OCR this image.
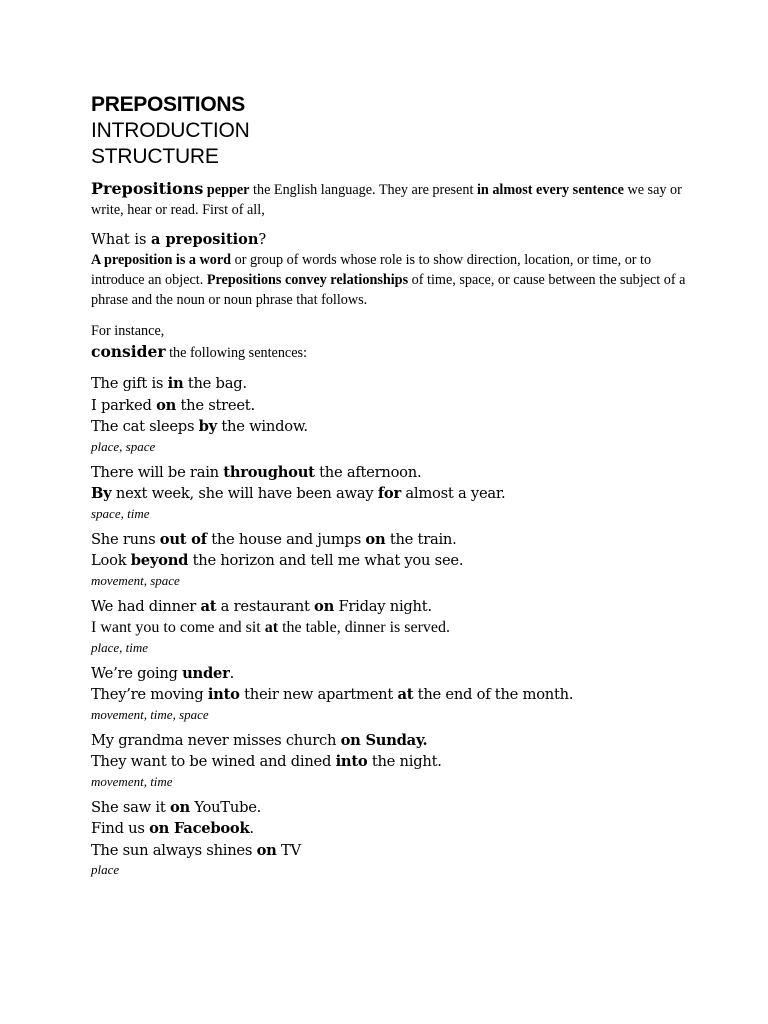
PREPOSITIONS
INTRODUCTION
STRUCTURE

Prepositions pepper the English language. They are present in almost every sentence we say or write, hear or read. First of all,

What is a preposition?
A preposition is a word or group of words whose role is to show direction, location, or time, or to introduce an object. Prepositions convey relationships of time, space, or cause between the subject of a phrase and the noun or noun phrase that follows.
For instance,
consider the following sentences:
The gift is in the bag.
I parked on the street.
The cat sleeps by the window.
place, space
There will be rain throughout the afternoon.
By next week, she will have been away for almost a year.
space, time
She runs out of the house and jumps on the train.
Look beyond the horizon and tell me what you see.
movement, space
We had dinner at a restaurant on Friday night.
I want you to come and sit at the table, dinner is served.
place, time
We’re going under.
They’re moving into their new apartment at the end of the month.
movement, time, space
My grandma never misses church on Sunday.
They want to be wined and dined into the night.
movement, time
She saw it on YouTube.
Find us on Facebook.
The sun always shines on TV
place
